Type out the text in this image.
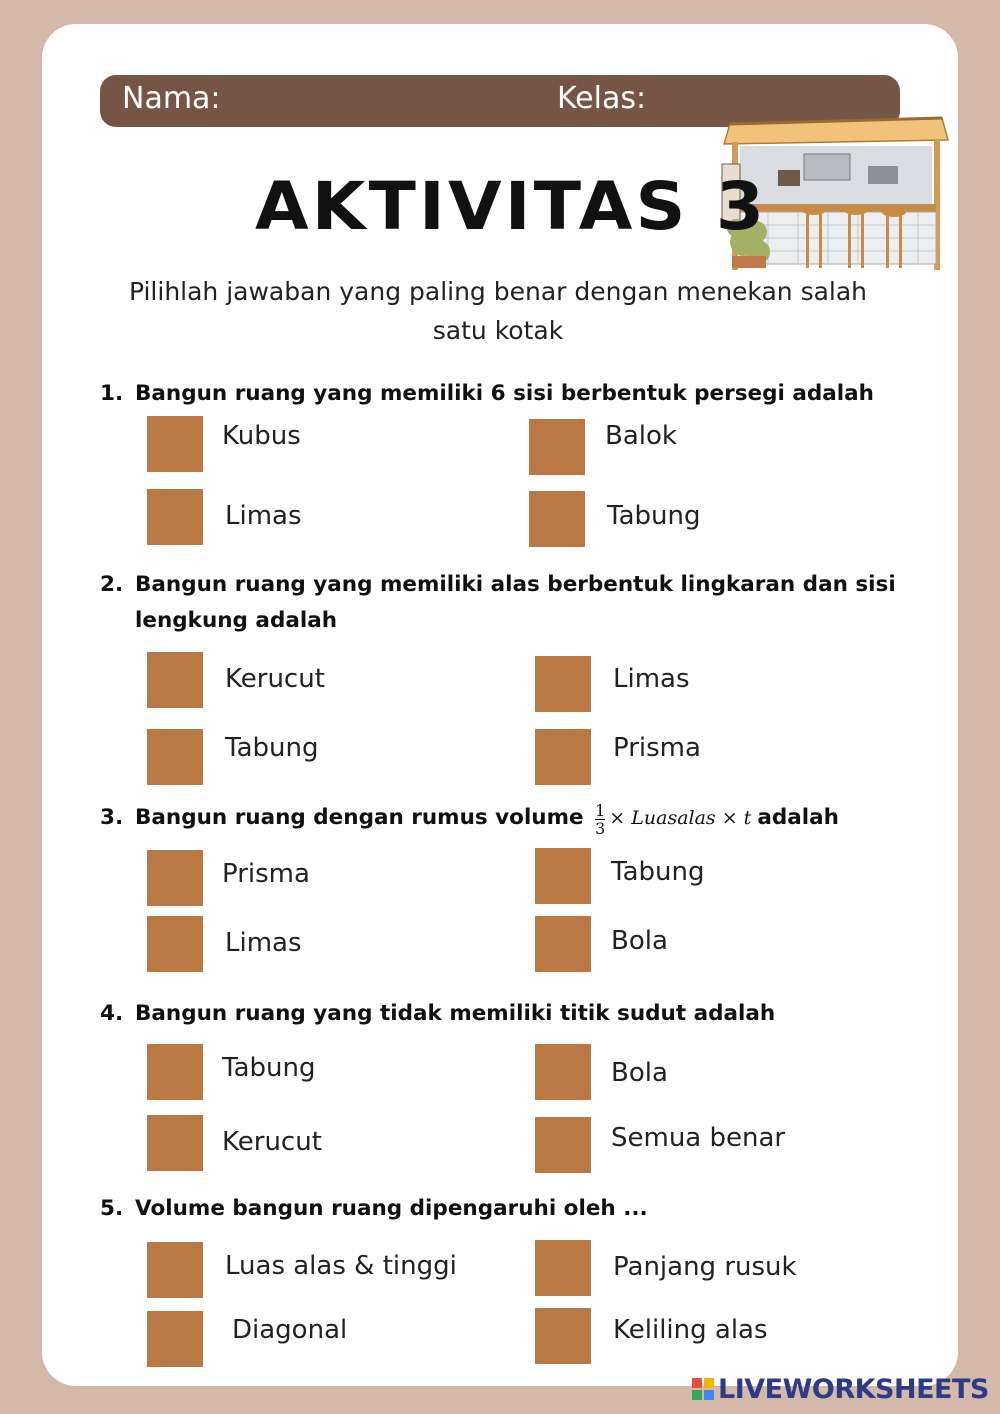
Nama:	Kelas:
AKTIVITAS 3
Pilihlah jawaban yang paling benar dengan menekan salah satu kotak
1. Bangun ruang yang memiliki 6 sisi berbentuk persegi adalah
Kubus	Balok
Limas	Tabung
2. Bangun ruang yang memiliki alas berbentuk lingkaran dan sisi lengkung adalah
Kerucut	Limas
Tabung	Prisma
3. Bangun ruang dengan rumus volume $\frac{1}{3}$ × Luasalas × t adalah
Prisma	Tabung
Limas	Bola
4. Bangun ruang yang tidak memiliki titik sudut adalah
Tabung	Bola
Kerucut	Semua benar
5. Volume bangun ruang dipengaruhi oleh ...
Luas alas & tinggi	Panjang rusuk
Diagonal	Keliling alas
LIVEWORKSHEETS
